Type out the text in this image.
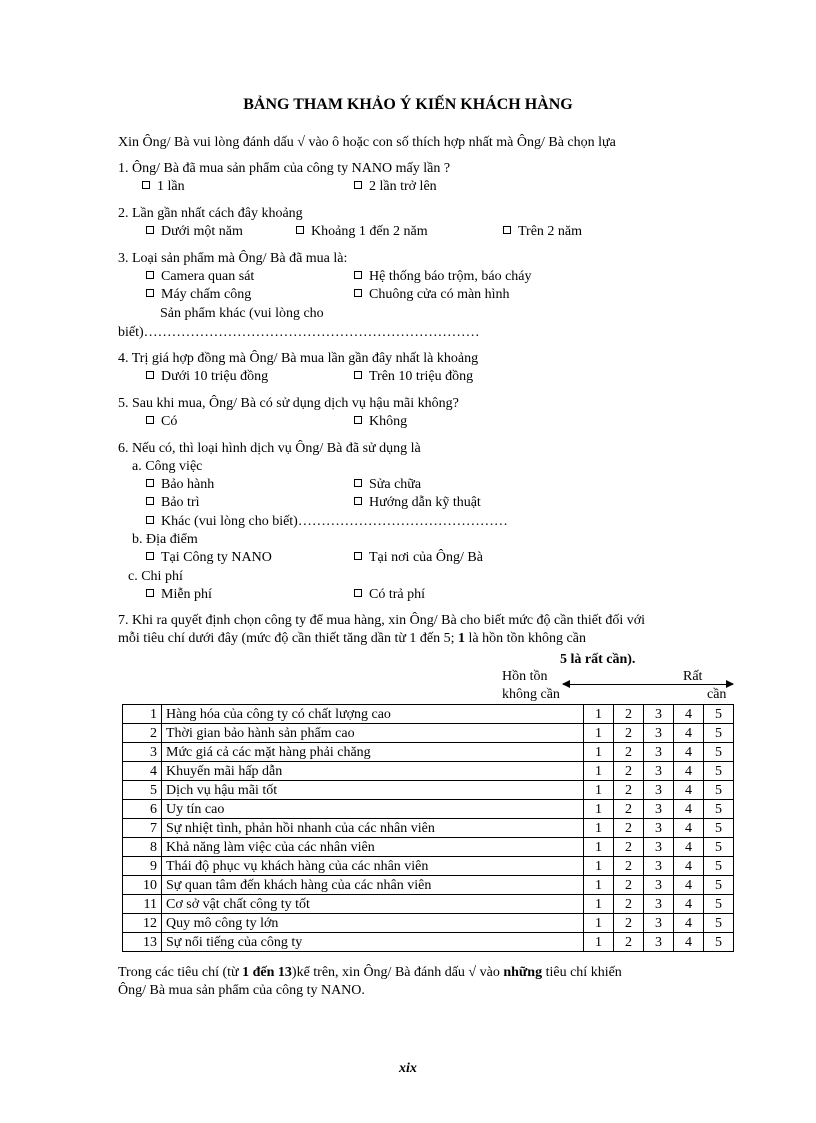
BẢNG THAM KHẢO Ý KIẾN KHÁCH HÀNG
Xin Ông/ Bà vui lòng đánh dấu √ vào ô hoặc con số thích hợp nhất mà Ông/ Bà chọn lựa
1. Ông/ Bà đã mua sản phẩm của công ty NANO mấy lần ?
1 lần	2 lần trở lên
2. Lần gần nhất cách đây khoảng
Dưới một năm	Khoảng 1 đến 2 năm	Trên 2 năm
3. Loại sản phẩm mà Ông/ Bà đã mua là:
Camera quan sát	Hệ thống báo trộm, báo cháy
Máy chấm công	Chuông cửa có màn hình
Sản phẩm khác (vui lòng cho
biết)………………………………………………………………
4. Trị giá hợp đồng mà Ông/ Bà mua lần gần đây nhất là khoảng
Dưới 10 triệu đồng	Trên 10 triệu đồng
5. Sau khi mua, Ông/ Bà có sử dụng dịch vụ hậu mãi không?
Có	Không
6. Nếu có, thì loại hình dịch vụ Ông/ Bà đã sử dụng là
a. Công việc
Bảo hành	Sửa chữa
Bảo trì	Hướng dẫn kỹ thuật
Khác (vui lòng cho biết)………………………………………
b. Địa điểm
Tại Công ty NANO	Tại nơi của Ông/ Bà
c. Chi phí
Miễn phí	Có trả phí
7. Khi ra quyết định chọn công ty để mua hàng, xin Ông/ Bà cho biết mức độ cần thiết đối với
mỗi tiêu chí dưới đây (mức độ cần thiết tăng dần từ 1 đến 5; 1 là hồn tồn không cần
5 là rất cần).
Hồn tồn
không cần
Rất
cần
1	Hàng hóa của công ty có chất lượng cao	1	2	3	4	5
2	Thời gian bảo hành sản phẩm cao	1	2	3	4	5
3	Mức giá cả các mặt hàng phải chăng	1	2	3	4	5
4	Khuyến mãi hấp dẫn	1	2	3	4	5
5	Dịch vụ hậu mãi tốt	1	2	3	4	5
6	Uy tín cao	1	2	3	4	5
7	Sự nhiệt tình, phản hồi nhanh của các nhân viên	1	2	3	4	5
8	Khả năng làm việc của các nhân viên	1	2	3	4	5
9	Thái độ phục vụ khách hàng của các nhân viên	1	2	3	4	5
10	Sự quan tâm đến khách hàng của các nhân viên	1	2	3	4	5
11	Cơ sở vật chất công ty tốt	1	2	3	4	5
12	Quy mô công ty lớn	1	2	3	4	5
13	Sự nổi tiếng của công ty	1	2	3	4	5
Trong các tiêu chí (từ 1 đến 13)kể trên, xin Ông/ Bà đánh dấu √ vào những tiêu chí khiến
Ông/ Bà mua sản phẩm của công ty NANO.
xix
